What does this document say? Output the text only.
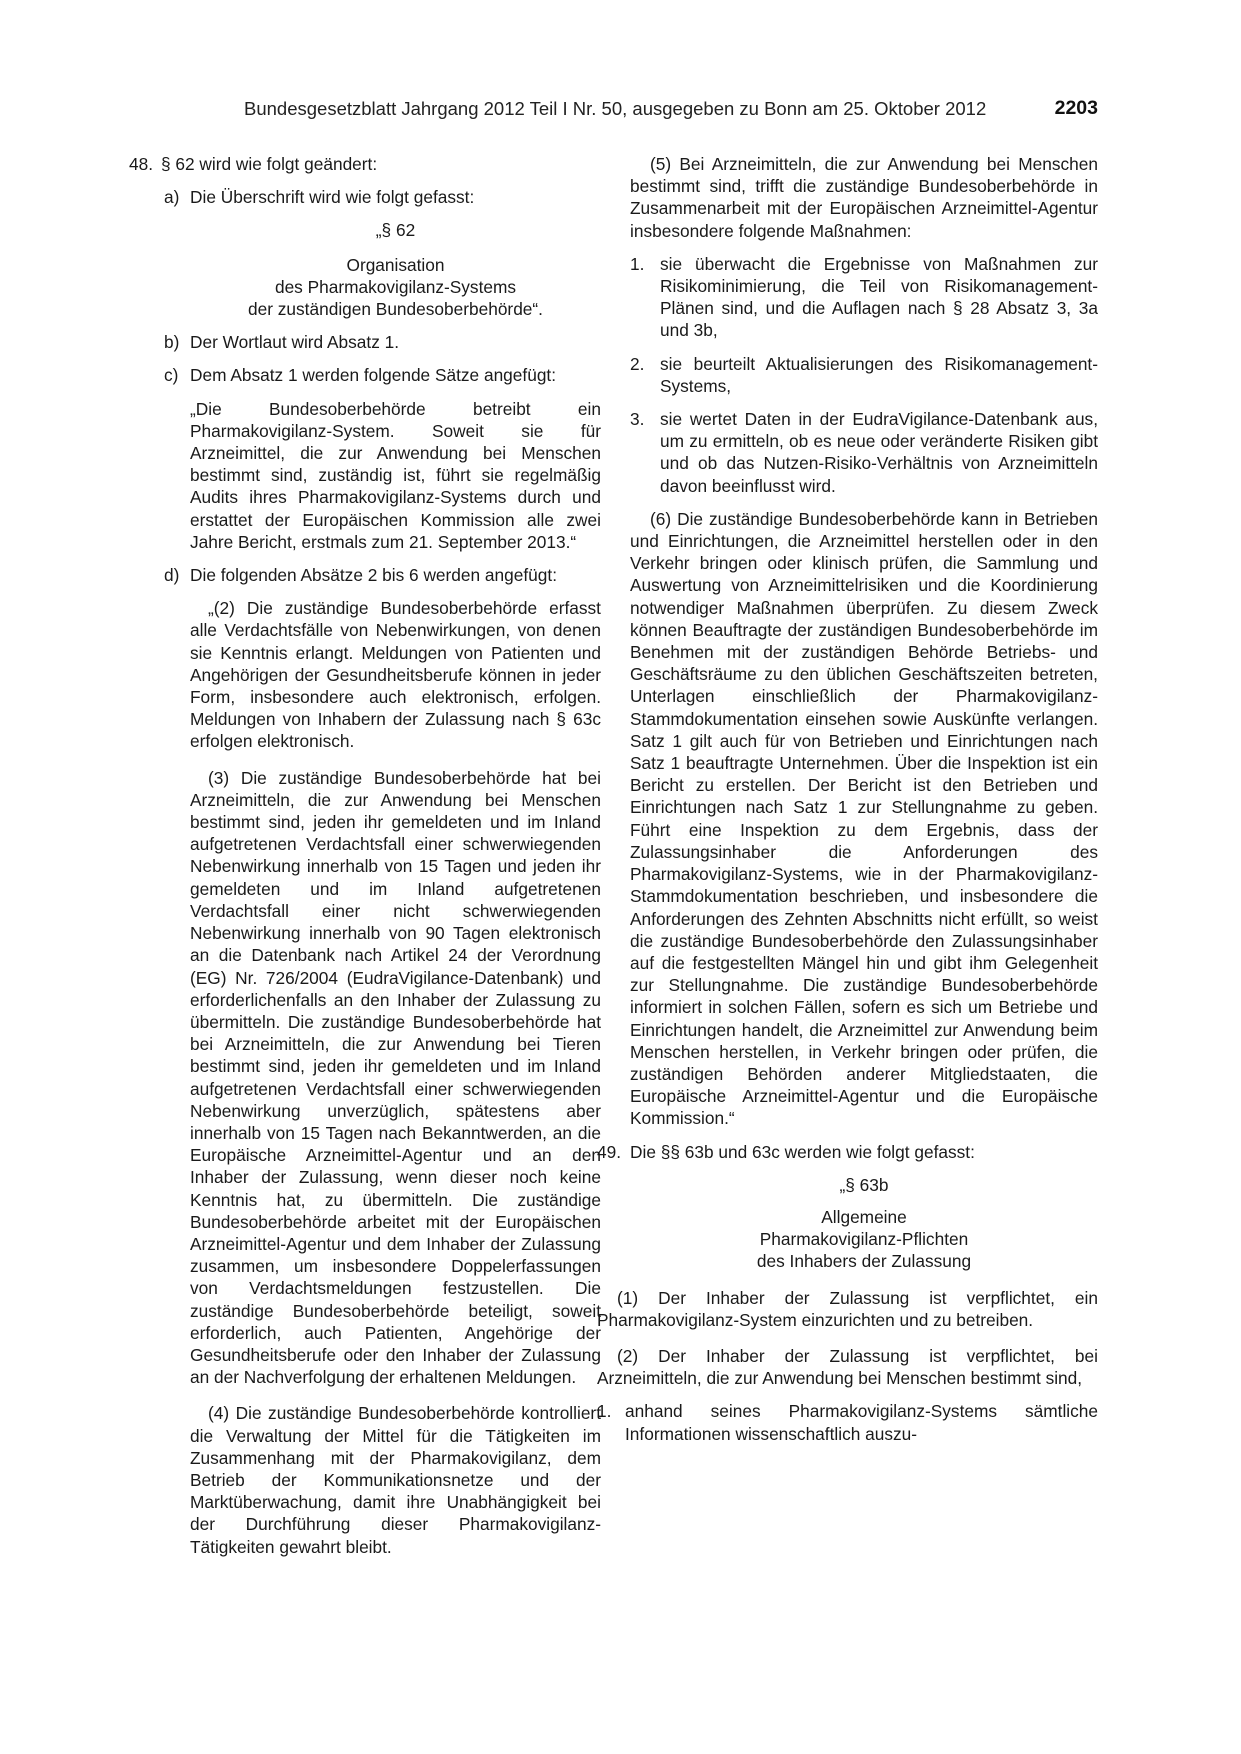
Bundesgesetzblatt Jahrgang 2012 Teil I Nr. 50, ausgegeben zu Bonn am 25. Oktober 2012	2203
48. § 62 wird wie folgt geändert:
a) Die Überschrift wird wie folgt gefasst:
„§ 62
Organisation
des Pharmakovigilanz-Systems
der zuständigen Bundesoberbehörde“.
b) Der Wortlaut wird Absatz 1.
c) Dem Absatz 1 werden folgende Sätze angefügt:

„Die Bundesoberbehörde betreibt ein Pharmakovigilanz-System. Soweit sie für Arzneimittel, die zur Anwendung bei Menschen bestimmt sind, zuständig ist, führt sie regelmäßig Audits ihres Pharmakovigilanz-Systems durch und erstattet der Europäischen Kommission alle zwei Jahre Bericht, erstmals zum 21. September 2013.“

d) Die folgenden Absätze 2 bis 6 werden angefügt:

„(2) Die zuständige Bundesoberbehörde erfasst alle Verdachtsfälle von Nebenwirkungen, von denen sie Kenntnis erlangt. Meldungen von Patienten und Angehörigen der Gesundheitsberufe können in jeder Form, insbesondere auch elektronisch, erfolgen. Meldungen von Inhabern der Zulassung nach § 63c erfolgen elektronisch.

(3) Die zuständige Bundesoberbehörde hat bei Arzneimitteln, die zur Anwendung bei Menschen bestimmt sind, jeden ihr gemeldeten und im Inland aufgetretenen Verdachtsfall einer schwerwiegenden Nebenwirkung innerhalb von 15 Tagen und jeden ihr gemeldeten und im Inland aufgetretenen Verdachtsfall einer nicht schwerwiegenden Nebenwirkung innerhalb von 90 Tagen elektronisch an die Datenbank nach Artikel 24 der Verordnung (EG) Nr. 726/2004 (EudraVigilance-Datenbank) und erforderlichenfalls an den Inhaber der Zulassung zu übermitteln. Die zuständige Bundesoberbehörde hat bei Arzneimitteln, die zur Anwendung bei Tieren bestimmt sind, jeden ihr gemeldeten und im Inland aufgetretenen Verdachtsfall einer schwerwiegenden Nebenwirkung unverzüglich, spätestens aber innerhalb von 15 Tagen nach Bekanntwerden, an die Europäische Arzneimittel-Agentur und an den Inhaber der Zulassung, wenn dieser noch keine Kenntnis hat, zu übermitteln. Die zuständige Bundesoberbehörde arbeitet mit der Europäischen Arzneimittel-Agentur und dem Inhaber der Zulassung zusammen, um insbesondere Doppelerfassungen von Verdachtsmeldungen festzustellen. Die zuständige Bundesoberbehörde beteiligt, soweit erforderlich, auch Patienten, Angehörige der Gesundheitsberufe oder den Inhaber der Zulassung an der Nachverfolgung der erhaltenen Meldungen.

(4) Die zuständige Bundesoberbehörde kontrolliert die Verwaltung der Mittel für die Tätigkeiten im Zusammenhang mit der Pharmakovigilanz, dem Betrieb der Kommunikationsnetze und der Marktüberwachung, damit ihre Unabhängigkeit bei der Durchführung dieser Pharmakovigilanz-Tätigkeiten gewahrt bleibt.

(5) Bei Arzneimitteln, die zur Anwendung bei Menschen bestimmt sind, trifft die zuständige Bundesoberbehörde in Zusammenarbeit mit der Europäischen Arzneimittel-Agentur insbesondere folgende Maßnahmen:

1. sie überwacht die Ergebnisse von Maßnahmen zur Risikominimierung, die Teil von Risikomanagement-Plänen sind, und die Auflagen nach § 28 Absatz 3, 3a und 3b,
2. sie beurteilt Aktualisierungen des Risikomanagement-Systems,
3. sie wertet Daten in der EudraVigilance-Datenbank aus, um zu ermitteln, ob es neue oder veränderte Risiken gibt und ob das Nutzen-Risiko-Verhältnis von Arzneimitteln davon beeinflusst wird.

(6) Die zuständige Bundesoberbehörde kann in Betrieben und Einrichtungen, die Arzneimittel herstellen oder in den Verkehr bringen oder klinisch prüfen, die Sammlung und Auswertung von Arzneimittelrisiken und die Koordinierung notwendiger Maßnahmen überprüfen. Zu diesem Zweck können Beauftragte der zuständigen Bundesoberbehörde im Benehmen mit der zuständigen Behörde Betriebs- und Geschäftsräume zu den üblichen Geschäftszeiten betreten, Unterlagen einschließlich der Pharmakovigilanz-Stammdokumentation einsehen sowie Auskünfte verlangen. Satz 1 gilt auch für von Betrieben und Einrichtungen nach Satz 1 beauftragte Unternehmen. Über die Inspektion ist ein Bericht zu erstellen. Der Bericht ist den Betrieben und Einrichtungen nach Satz 1 zur Stellungnahme zu geben. Führt eine Inspektion zu dem Ergebnis, dass der Zulassungsinhaber die Anforderungen des Pharmakovigilanz-Systems, wie in der Pharmakovigilanz-Stammdokumentation beschrieben, und insbesondere die Anforderungen des Zehnten Abschnitts nicht erfüllt, so weist die zuständige Bundesoberbehörde den Zulassungsinhaber auf die festgestellten Mängel hin und gibt ihm Gelegenheit zur Stellungnahme. Die zuständige Bundesoberbehörde informiert in solchen Fällen, sofern es sich um Betriebe und Einrichtungen handelt, die Arzneimittel zur Anwendung beim Menschen herstellen, in Verkehr bringen oder prüfen, die zuständigen Behörden anderer Mitgliedstaaten, die Europäische Arzneimittel-Agentur und die Europäische Kommission.“

49. Die §§ 63b und 63c werden wie folgt gefasst:
„§ 63b
Allgemeine
Pharmakovigilanz-Pflichten
des Inhabers der Zulassung

(1) Der Inhaber der Zulassung ist verpflichtet, ein Pharmakovigilanz-System einzurichten und zu betreiben.

(2) Der Inhaber der Zulassung ist verpflichtet, bei Arzneimitteln, die zur Anwendung bei Menschen bestimmt sind,

1. anhand seines Pharmakovigilanz-Systems sämtliche Informationen wissenschaftlich auszu-
